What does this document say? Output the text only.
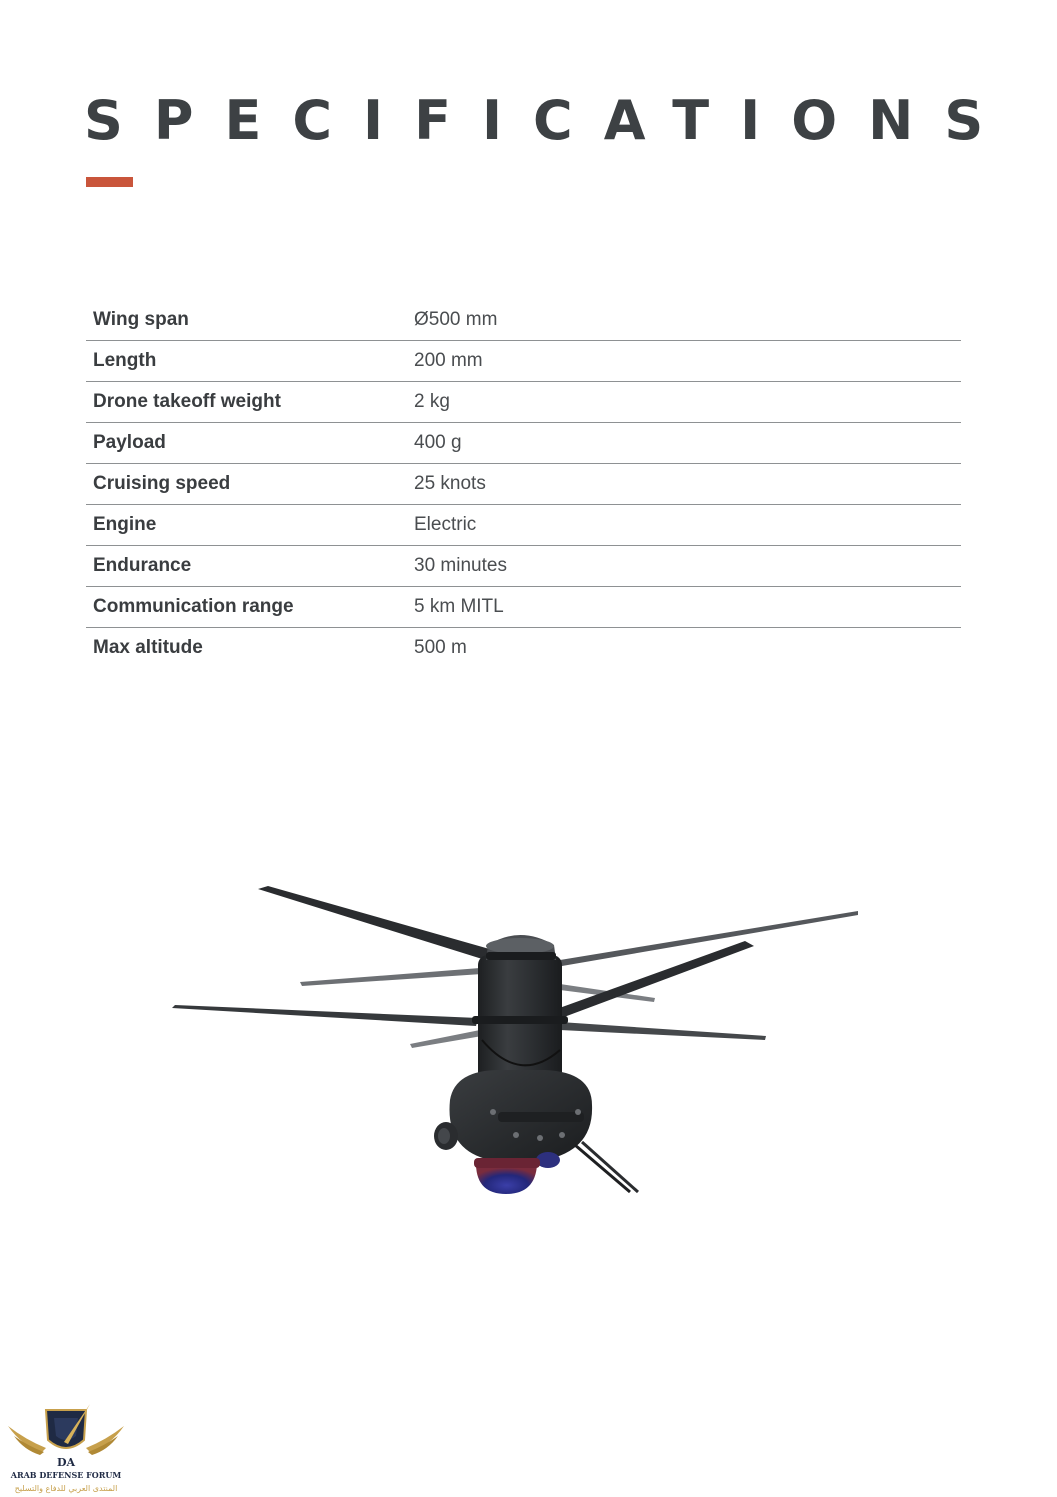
SPECIFICATIONS
Wing span	Ø500 mm
Length	200 mm
Drone takeoff weight	2 kg
Payload	400 g
Cruising speed	25 knots
Engine	Electric
Endurance	30 minutes
Communication range	5 km MITL
Max altitude	500 m
DA
ARAB DEFENSE FORUM
المنتدى العربي للدفاع والتسليح
